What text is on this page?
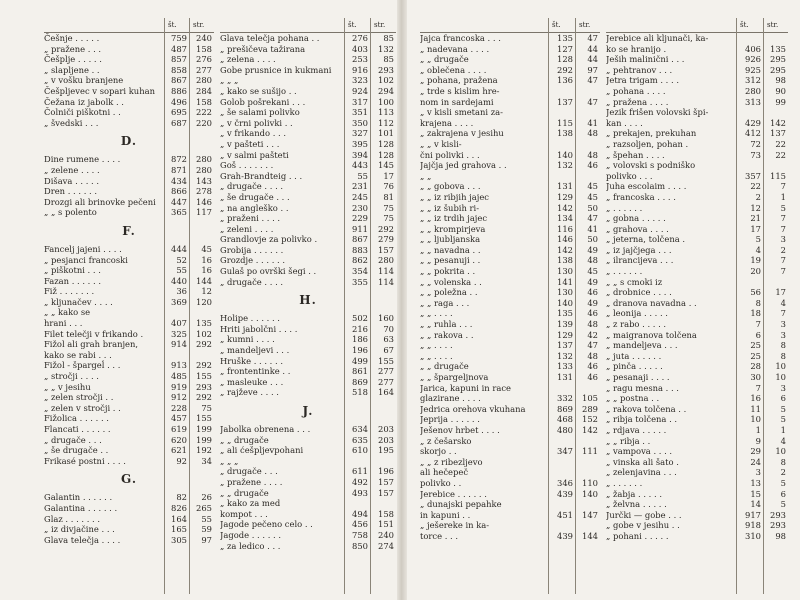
št. str.
Češnje . . . . .	759	240
„ pražene . . .	487	158
Češplje . . . . .	857	276
„ slapljene . .	858	277
„ v vošku branjene	867	280
Češpljevec v sopari kuhan	886	284
Čežana iz jabolk . .	496	158
Čolniči piškotni . .	695	222
„ švedski . . .	687	220
D.
Dine rumene . . . .	872	280
„ zelene . . . .	871	280
Dišava . . . . .	434	143
Dren . . . . . .	866	278
Drozgi ali brinovke pečeni	447	146
„ „ s polento	365	117
F.
Fancelj jajeni . . . .	444	45
„ pesjanci francoski	52	16
„ piškotni . . .	55	16
Fazan . . . . . .	440	144
Fiž . . . . . . .	36	12
„ kljunačev . . . .	369	120
„ „ kako se
hrani . . .	407	135
Filet telečji v frikando .	325	102
Fižol ali grah branjen,	914	292
kako se rabi . . .
Fižol - špargeĺ . . .	913	292
„ stročji . . . .	485	155
„ „ v jesihu	919	293
„ zelen stročji . .	912	292
„ zelen v stročji . .	228	75
Fižolica . . . . . .	457	155
Flancati . . . . . .	619	199
„ drugače . . .	620	199
„ še drugače . .	621	192
Frikasé postni . . . .	92	34
G.
Galantin . . . . . .	82	26
Galantina . . . . . .	826	265
Glaz . . . . . . .	164	55
„ iz divjačine . . .	165	59
Glava telečja . . . .	305	97
št. str.
Glava telečja pohana . .	276	85
„ prešičeva tažirana	403	132
„ zelena . . . .	253	85
Gobe prusnice in kukmani	916	293
„ „ „	323	102
„ kako se sušijo . .	924	294
Golob pošrekani . . .	317	100
„ še salami polivko	351	113
„ v črni polivki . .	350	112
„ v frikando . . .	327	101
„ v pašteti . . .	395	128
„ v salmi pašteti	394	128
Goš . . . . . . .	443	145
Grah-Brandteig . . .	55	17
„ drugače . . . .	231	76
„ še drugače . . .	245	81
„ na angleško . .	230	75
„ praženi . . . .	229	75
„ zeleni . . . .	911	292
Grandlovje za polivko .	867	279
Grobija . . . . . .	883	157
Grozdje . . . . . .	862	280
Gulaš po ovrški šegi . .	354	114
„ drugače . . . .	355	114
H.
Holipe . . . . . .	502	160
Hriti jabolčni . . . .	216	70
„ kumni . . . .	186	63
„ mandeljevi . . .	196	67
Hruške . . . . . .	499	155
„ frontentinke . .	861	277
„ masleuke . . .	869	277
„ rajževe . . . .	518	164
J.
Jabolka obrenena . . .	634	203
„ „ drugače	635	203
„ ali ćešpljevpohani	610	195
„ „ „
„ drugače . . .	611	196
„ pražene . . . .	492	157
„ „ drugače	493	157
„ kako za med
kompot . . .	494	158
Jagode pečeno celo . .	456	151
Jagode . . . . . .	758	240
„ za ledico . . .	850	274
št.	str.
Jajca francoska . . .	135	47
„ nadevana . . . .	127	44
„ „ drugače	128	44
„ oblečena . . . .	292	97
„ pohana, pražena	136	47
„ trde s kislim hre-
nom in sardejami	137	47
„ v kisli smetani za-
krajena . . . .	115	41
„ zakrajena v jesihu	138	48
„ „ v kisli-
čni polivki . . .	140	48
Jajčja jed grahova . .	132	46
„ „
„ „ gobova . . .	131	45
„ „ iz ribjih jajec	129	45
„ „ iz šubih ri-	142	50
„ „ iz trdih jajec	134	47
„ „ krompirjeva	116	41
„ „ ljubljanska	146	50
„ „ navadna . .	142	49
„ „ pesanuji . .	138	48
„ „ pokrita . .	130	45
„ „ volenska . .	141	49
„ „ poležna . .	130	46
„ „ raga . . .	140	49
„ „ . . . .	135	46
„ „ ruhla . . .	139	48
„ „ rakova . .	129	42
„ „ . . . .	137	47
„ „ . . . .	132	48
„ „ drugače	133	46
„ „ špargeljnova	131	46
Jarica, kapuni in race
glazirane . . . .	332	105
Jedrica orehova vkuhana	869	289
Jeprija . . . . . .	468	152
Ješenov hrbet . . . .	480	142
„ z češarsko
skorjo . .	347	111
„ „ z ribezljevo
ali hečepeč
polivko . .	346	110
Jerebice . . . . . .	439	140
„ dunajski pepahke
in kapuni . .	451	147
„ ješereke in ka-
torce . . .	439	144
št.	str.
Jerebice ali kljunači, ka-
ko se hranijo .	406	135
Ješih malinični . . .	926	295
„ pehtranov . . .	925	295
Jetra trigam . . . .	312	98
„ pohana . . . .	280	90
„ pražena . . . .	313	99
Jezik frišen volovski špi-
kan . . . .	429	142
„ prekajen, prekuhan	412	137
„ razsoljen, pohan .	72	22
„ špehan . . . .	73	22
„ volovski s podniško
polivko . . .	357	115
Juha escolaim . . . .	22	7
„ francoska . . . .	2	1
„ . . . . . .	12	5
„ gobna . . . . .	21	7
„ grahova . . . .	17	7
„ jeterna, tolčena .	5	3
„ iz jajčjega . . .	4	2
„ ilrancijeva . . .	19	7
„ . . . . . .	20	7
„ „ s cmoki iz
„ drobnice . . . .	56	17
„ dranova navadna . .	8	4
„ leonija . . . . .	18	7
„ z rabo . . . . .	7	3
„ maigranova tolčena	6	3
„ mandeljeva . . .	25	8
„ juta . . . . . .	25	8
„ pinča . . . . .	28	10
„ pesanaji . . . .	30	10
„ ragu mesna . . .	7	3
„ „ postna . .	16	6
„ rakova tolčena . .	11	5
„ ribja tolčena . .	10	5
„ rdjava . . . . .	1	1
„ „ ribja . .	9	4
„ vampova . . . .	29	10
„ vinska ali šato .	24	8
„ zelenjavina . . .	3	2
„ . . . . . .	13	5
„ žabja . . . . .	15	6
„ želvna . . . . .	14	5
Jurčki — gobe . . .	917	293
„ gobe v jesihu . .	918	293
„ pohani . . . . .	310	98
